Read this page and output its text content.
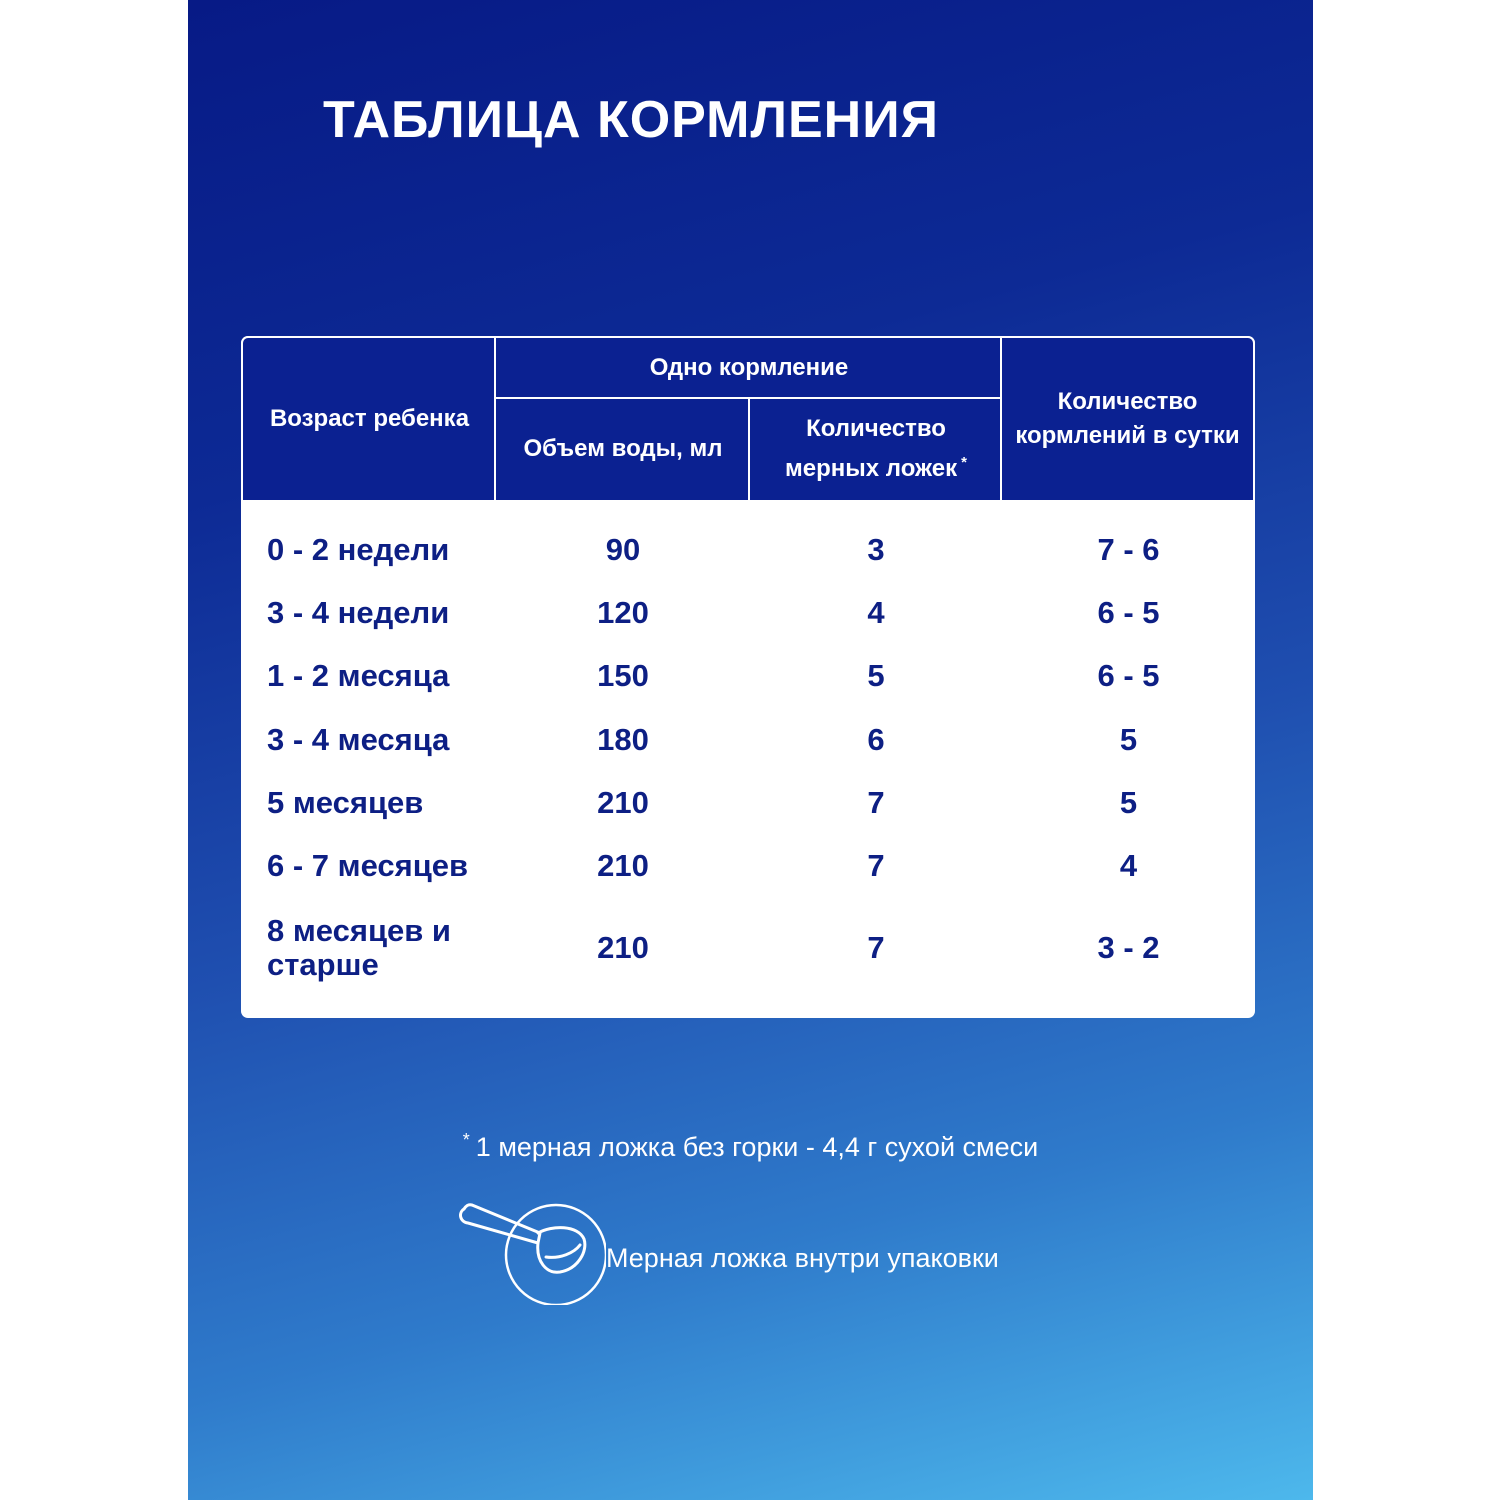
ТАБЛИЦА КОРМЛЕНИЯ
Возраст ребенка
Одно кормление
Объем воды, мл
Количество мерных ложек *
Количество кормлений в сутки
0 - 2 недели	90	3	7 - 6
3 - 4 недели	120	4	6 - 5
1 - 2 месяца	150	5	6 - 5
3 - 4 месяца	180	6	5
5 месяцев	210	7	5
6 - 7 месяцев	210	7	4
8 месяцев и старше	210	7	3 - 2
* 1 мерная ложка без горки - 4,4 г сухой смеси
Мерная ложка внутри упаковки
